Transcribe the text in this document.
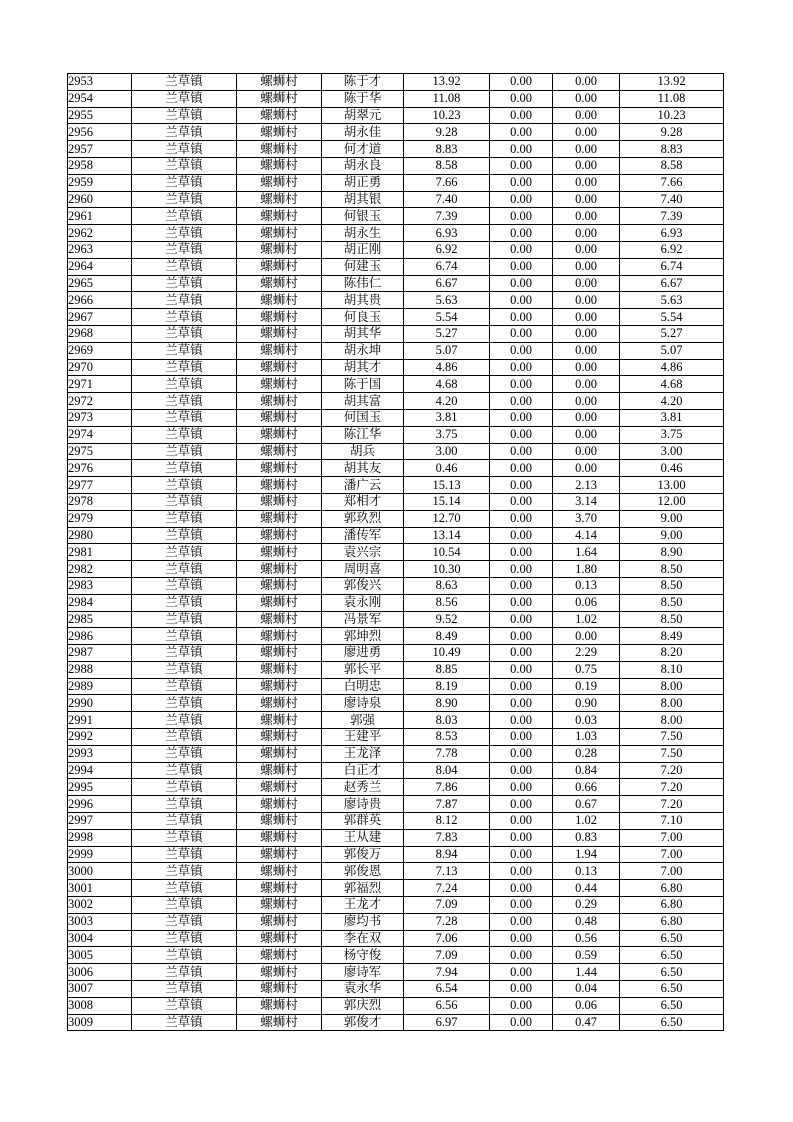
2953	兰草镇	螺蛳村	陈于才	13.92	0.00	0.00	13.92
2954	兰草镇	螺蛳村	陈于华	11.08	0.00	0.00	11.08
2955	兰草镇	螺蛳村	胡翠元	10.23	0.00	0.00	10.23
2956	兰草镇	螺蛳村	胡永佳	9.28	0.00	0.00	9.28
2957	兰草镇	螺蛳村	何才道	8.83	0.00	0.00	8.83
2958	兰草镇	螺蛳村	胡永良	8.58	0.00	0.00	8.58
2959	兰草镇	螺蛳村	胡正勇	7.66	0.00	0.00	7.66
2960	兰草镇	螺蛳村	胡其银	7.40	0.00	0.00	7.40
2961	兰草镇	螺蛳村	何银玉	7.39	0.00	0.00	7.39
2962	兰草镇	螺蛳村	胡永生	6.93	0.00	0.00	6.93
2963	兰草镇	螺蛳村	胡正刚	6.92	0.00	0.00	6.92
2964	兰草镇	螺蛳村	何建玉	6.74	0.00	0.00	6.74
2965	兰草镇	螺蛳村	陈伟仁	6.67	0.00	0.00	6.67
2966	兰草镇	螺蛳村	胡其贵	5.63	0.00	0.00	5.63
2967	兰草镇	螺蛳村	何良玉	5.54	0.00	0.00	5.54
2968	兰草镇	螺蛳村	胡其华	5.27	0.00	0.00	5.27
2969	兰草镇	螺蛳村	胡永坤	5.07	0.00	0.00	5.07
2970	兰草镇	螺蛳村	胡其才	4.86	0.00	0.00	4.86
2971	兰草镇	螺蛳村	陈于国	4.68	0.00	0.00	4.68
2972	兰草镇	螺蛳村	胡其富	4.20	0.00	0.00	4.20
2973	兰草镇	螺蛳村	何国玉	3.81	0.00	0.00	3.81
2974	兰草镇	螺蛳村	陈江华	3.75	0.00	0.00	3.75
2975	兰草镇	螺蛳村	胡兵	3.00	0.00	0.00	3.00
2976	兰草镇	螺蛳村	胡其友	0.46	0.00	0.00	0.46
2977	兰草镇	螺蛳村	潘广云	15.13	0.00	2.13	13.00
2978	兰草镇	螺蛳村	郑相才	15.14	0.00	3.14	12.00
2979	兰草镇	螺蛳村	郭玖烈	12.70	0.00	3.70	9.00
2980	兰草镇	螺蛳村	潘传军	13.14	0.00	4.14	9.00
2981	兰草镇	螺蛳村	袁兴宗	10.54	0.00	1.64	8.90
2982	兰草镇	螺蛳村	周明喜	10.30	0.00	1.80	8.50
2983	兰草镇	螺蛳村	郭俊兴	8.63	0.00	0.13	8.50
2984	兰草镇	螺蛳村	袁永刚	8.56	0.00	0.06	8.50
2985	兰草镇	螺蛳村	冯景军	9.52	0.00	1.02	8.50
2986	兰草镇	螺蛳村	郭坤烈	8.49	0.00	0.00	8.49
2987	兰草镇	螺蛳村	廖进勇	10.49	0.00	2.29	8.20
2988	兰草镇	螺蛳村	郭长平	8.85	0.00	0.75	8.10
2989	兰草镇	螺蛳村	白明忠	8.19	0.00	0.19	8.00
2990	兰草镇	螺蛳村	廖诗泉	8.90	0.00	0.90	8.00
2991	兰草镇	螺蛳村	郭强	8.03	0.00	0.03	8.00
2992	兰草镇	螺蛳村	王建平	8.53	0.00	1.03	7.50
2993	兰草镇	螺蛳村	王龙泽	7.78	0.00	0.28	7.50
2994	兰草镇	螺蛳村	白正才	8.04	0.00	0.84	7.20
2995	兰草镇	螺蛳村	赵秀兰	7.86	0.00	0.66	7.20
2996	兰草镇	螺蛳村	廖诗贵	7.87	0.00	0.67	7.20
2997	兰草镇	螺蛳村	郭群英	8.12	0.00	1.02	7.10
2998	兰草镇	螺蛳村	王从建	7.83	0.00	0.83	7.00
2999	兰草镇	螺蛳村	郭俊万	8.94	0.00	1.94	7.00
3000	兰草镇	螺蛳村	郭俊恩	7.13	0.00	0.13	7.00
3001	兰草镇	螺蛳村	郭福烈	7.24	0.00	0.44	6.80
3002	兰草镇	螺蛳村	王龙才	7.09	0.00	0.29	6.80
3003	兰草镇	螺蛳村	廖均书	7.28	0.00	0.48	6.80
3004	兰草镇	螺蛳村	李在双	7.06	0.00	0.56	6.50
3005	兰草镇	螺蛳村	杨守俊	7.09	0.00	0.59	6.50
3006	兰草镇	螺蛳村	廖诗军	7.94	0.00	1.44	6.50
3007	兰草镇	螺蛳村	袁永华	6.54	0.00	0.04	6.50
3008	兰草镇	螺蛳村	郭庆烈	6.56	0.00	0.06	6.50
3009	兰草镇	螺蛳村	郭俊才	6.97	0.00	0.47	6.50
